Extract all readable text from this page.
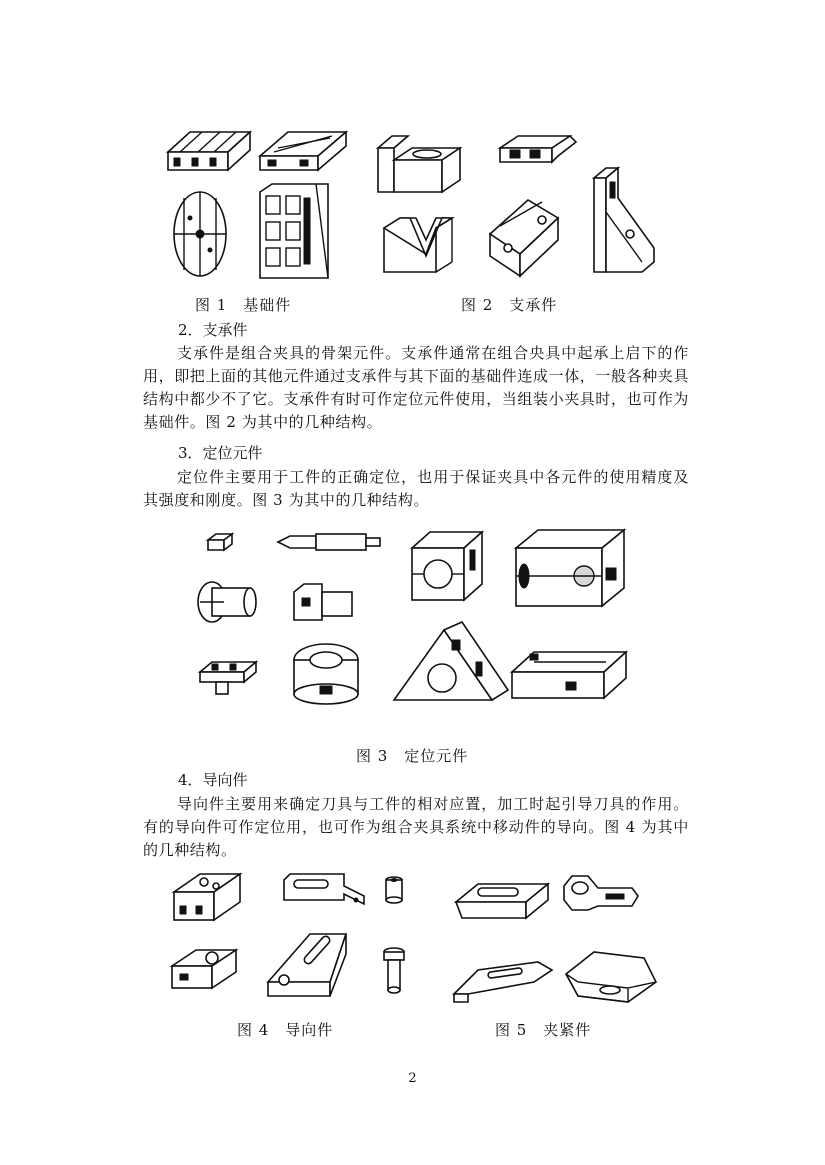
图 1　基础件	图 2　支承件
2．支承件
支承件是组合夹具的骨架元件。支承件通常在组合央具中起承上启下的作用，即把上面的其他元件通过支承件与其下面的基础件连成一体，一般各种夹具结构中都少不了它。支承件有时可作定位元件使用，当组装小夹具时，也可作为基础件。图 2 为其中的几种结构。
3．定位元件
定位件主要用于工件的正确定位，也用于保证夹具中各元件的使用精度及其强度和刚度。图 3 为其中的几种结构。
图 3　定位元件
4．导向件
导向件主要用来确定刀具与工件的相对应置，加工时起引导刀具的作用。有的导向件可作定位用，也可作为组合夹具系统中移动件的导向。图 4 为其中的几种结构。
图 4　导向件	图 5　夹紧件
2
